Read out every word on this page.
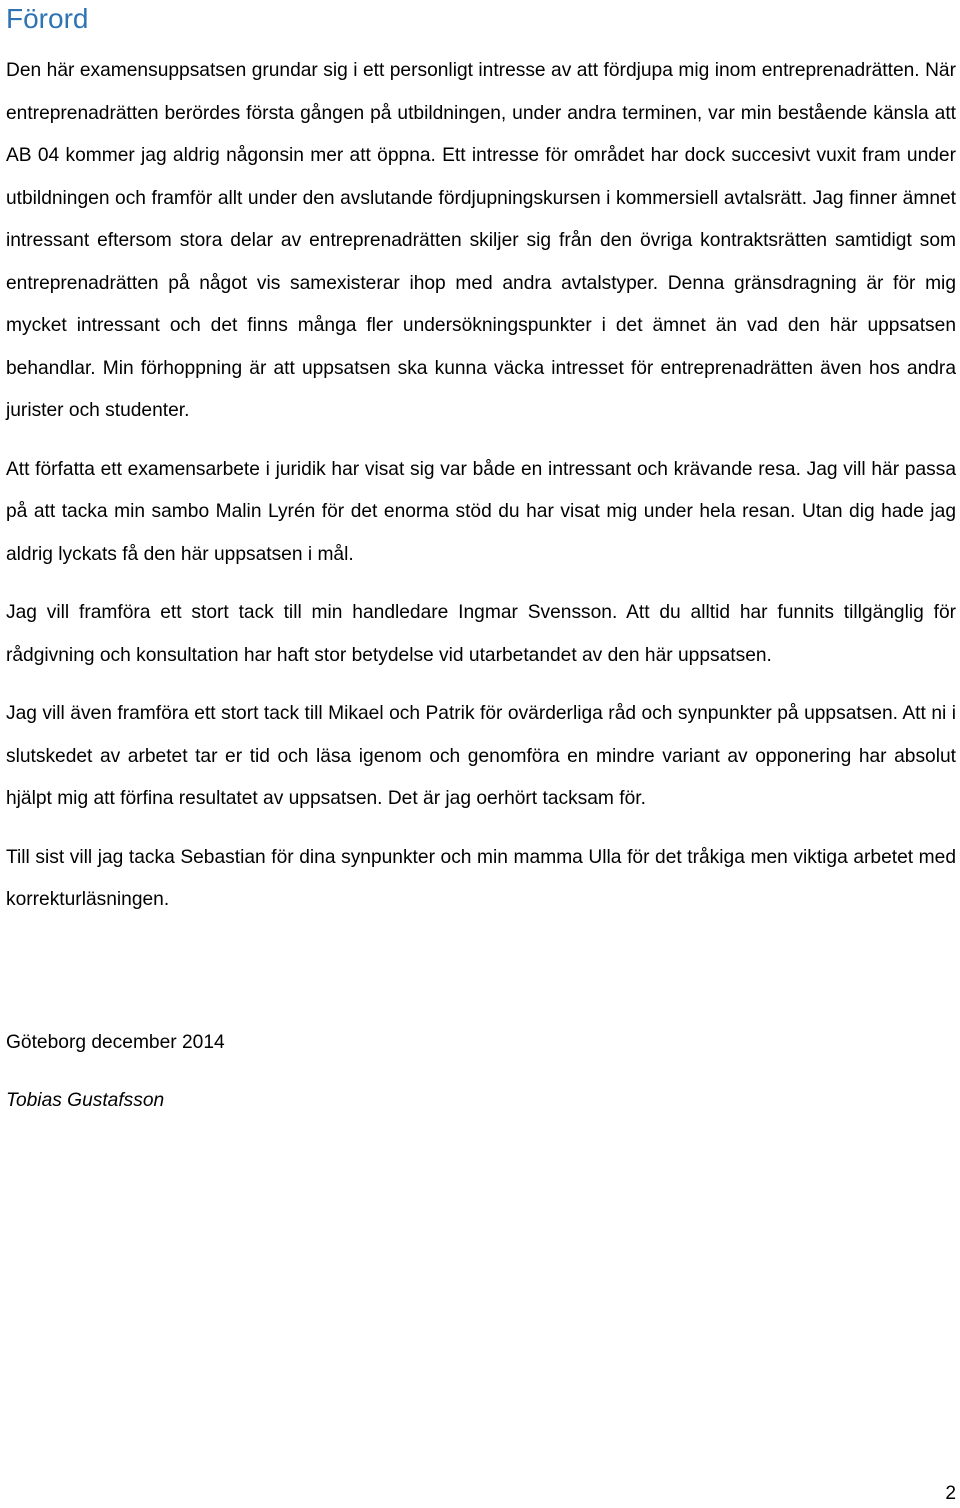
Förord

Den här examensuppsatsen grundar sig i ett personligt intresse av att fördjupa mig inom entreprenadrätten. När entreprenadrätten berördes första gången på utbildningen, under andra terminen, var min bestående känsla att AB 04 kommer jag aldrig någonsin mer att öppna. Ett intresse för området har dock succesivt vuxit fram under utbildningen och framför allt under den avslutande fördjupningskursen i kommersiell avtalsrätt. Jag finner ämnet intressant eftersom stora delar av entreprenadrätten skiljer sig från den övriga kontraktsrätten samtidigt som entreprenadrätten på något vis samexisterar ihop med andra avtalstyper. Denna gränsdragning är för mig mycket intressant och det finns många fler undersökningspunkter i det ämnet än vad den här uppsatsen behandlar. Min förhoppning är att uppsatsen ska kunna väcka intresset för entreprenadrätten även hos andra jurister och studenter.

Att författa ett examensarbete i juridik har visat sig var både en intressant och krävande resa. Jag vill här passa på att tacka min sambo Malin Lyrén för det enorma stöd du har visat mig under hela resan. Utan dig hade jag aldrig lyckats få den här uppsatsen i mål.

Jag vill framföra ett stort tack till min handledare Ingmar Svensson. Att du alltid har funnits tillgänglig för rådgivning och konsultation har haft stor betydelse vid utarbetandet av den här uppsatsen.

Jag vill även framföra ett stort tack till Mikael och Patrik för ovärderliga råd och synpunkter på uppsatsen. Att ni i slutskedet av arbetet tar er tid och läsa igenom och genomföra en mindre variant av opponering har absolut hjälpt mig att förfina resultatet av uppsatsen. Det är jag oerhört tacksam för.

Till sist vill jag tacka Sebastian för dina synpunkter och min mamma Ulla för det tråkiga men viktiga arbetet med korrekturläsningen.

Göteborg december 2014
Tobias Gustafsson
2
